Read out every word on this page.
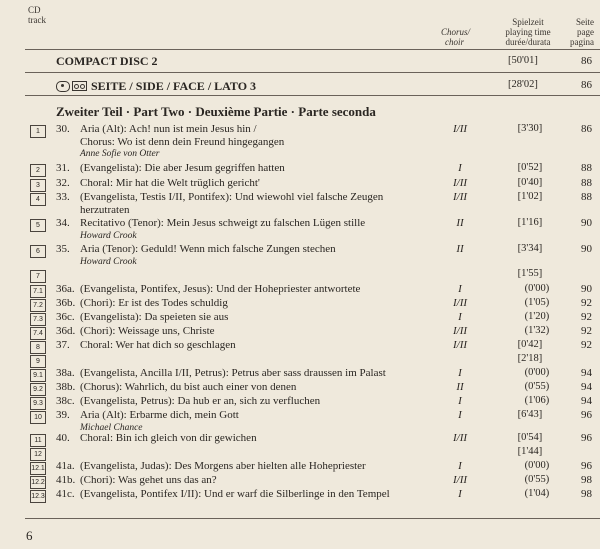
CD
track
Chorus/
choir
Spielzeit
playing time
durée/durata
Seite
page
pagina
COMPACT DISC 2	[50'01]	86
SEITE / SIDE / FACE / LATO 3	[28'02]	86
Zweiter Teil · Part Two · Deuxième Partie · Parte seconda
1	30. Aria (Alt): Ach! nun ist mein Jesus hin /
Chorus: Wo ist denn dein Freund hingegangen
Anne Sofie von Otter
I/II	[3'30]	86
2	31. (Evangelista): Die aber Jesum gegriffen hatten	I	[0'52]	88
3	32. Choral: Mir hat die Welt trüglich gericht'	I/II	[0'40]	88
4	33. (Evangelista, Testis I/II, Pontifex): Und wiewohl viel falsche Zeugen
herzutraten
I/II	[1'02]	88
5	34. Recitativo (Tenor): Mein Jesus schweigt zu falschen Lügen stille
Howard Crook
II	[1'16]	90
6	35. Aria (Tenor): Geduld! Wenn mich falsche Zungen stechen
Howard Crook
II	[3'34]	90
7	[1'55]
7.1 36a. (Evangelista, Pontifex, Jesus): Und der Hohepriester antwortete	I	(0'00)	90
7.2 36b. (Chori): Er ist des Todes schuldig	I/II	(1'05)	92
7.3 36c. (Evangelista): Da speieten sie aus	I	(1'20)	92
7.4 36d. (Chori): Weissage uns, Christe	I/II	(1'32)	92
8	37. Choral: Wer hat dich so geschlagen	I/II	[0'42]	92
9	[2'18]
9.1 38a. (Evangelista, Ancilla I/II, Petrus): Petrus aber sass draussen im Palast	I	(0'00)	94
9.2 38b. (Chorus): Wahrlich, du bist auch einer von denen	II	(0'55)	94
9.3 38c. (Evangelista, Petrus): Da hub er an, sich zu verfluchen	I	(1'06)	94
10	39. Aria (Alt): Erbarme dich, mein Gott
Michael Chance
I	[6'43]	96
11	40. Choral: Bin ich gleich von dir gewichen	I/II	[0'54]	96
12	[1'44]
12.1 41a. (Evangelista, Judas): Des Morgens aber hielten alle Hohepriester	I	(0'00)	96
12.2 41b. (Chori): Was gehet uns das an?	I/II	(0'55)	98
12.3 41c. (Evangelista, Pontifex I/II): Und er warf die Silberlinge in den Tempel	I	(1'04)	98
6
